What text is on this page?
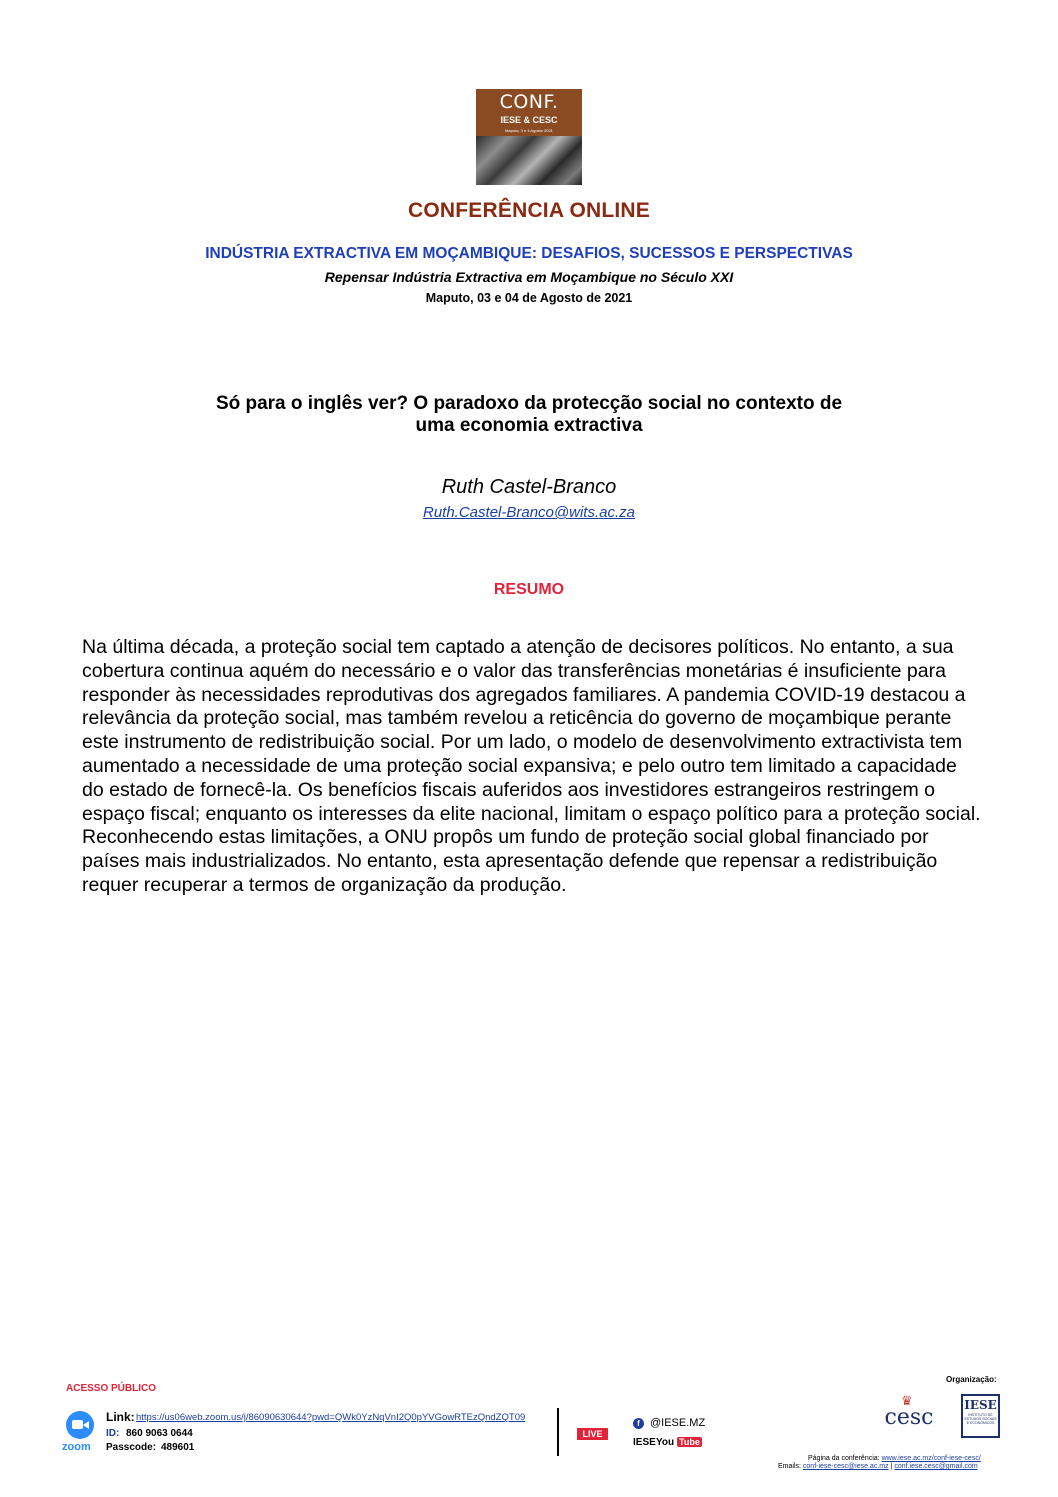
CONF.
IESE & CESC
Maputo, 3 e 4 Agosto 2021
CONFERÊNCIA ONLINE
INDÚSTRIA EXTRACTIVA EM MOÇAMBIQUE: DESAFIOS, SUCESSOS E PERSPECTIVAS
Repensar Indústria Extractiva em Moçambique no Século XXI
Maputo, 03 e 04 de Agosto de 2021
Só para o inglês ver? O paradoxo da protecção social no contexto de
uma economia extractiva
Ruth Castel-Branco
Ruth.Castel-Branco@wits.ac.za
RESUMO
Na última década, a proteção social tem captado a atenção de decisores políticos. No entanto, a sua cobertura continua aquém do necessário e o valor das transferências monetárias é insuficiente para responder às necessidades reprodutivas dos agregados familiares. A pandemia COVID-19 destacou a relevância da proteção social, mas também revelou a reticência do governo de moçambique perante este instrumento de redistribuição social. Por um lado, o modelo de desenvolvimento extractivista tem aumentado a necessidade de uma proteção social expansiva; e pelo outro tem limitado a capacidade do estado de fornecê-la. Os benefícios fiscais auferidos aos investidores estrangeiros restringem o espaço fiscal; enquanto os interesses da elite nacional, limitam o espaço político para a proteção social. Reconhecendo estas limitações, a ONU propôs um fundo de proteção social global financiado por países mais industrializados. No entanto, esta apresentação defende que repensar a redistribuição requer recuperar a termos de organização da produção.
ACESSO PÚBLICO
zoom
Link: https://us06web.zoom.us/j/86090630644?pwd=QWk0YzNqVnI2Q0pYVGowRTEzQndZQT09
ID: 860 9063 0644
Passcode: 489601
LIVE
f @IESE.MZ
IESE You Tube
Organização:
♛
cesc	IESE
INSTITUTO DE ESTUDOS SOCIAIS E ECONÓMICOS
Página da conferência: www.iese.ac.mz/conf-iese-cesc/
Emails: conf-iese-cesc@iese.ac.mz | conf.iese.cesc@gmail.com
